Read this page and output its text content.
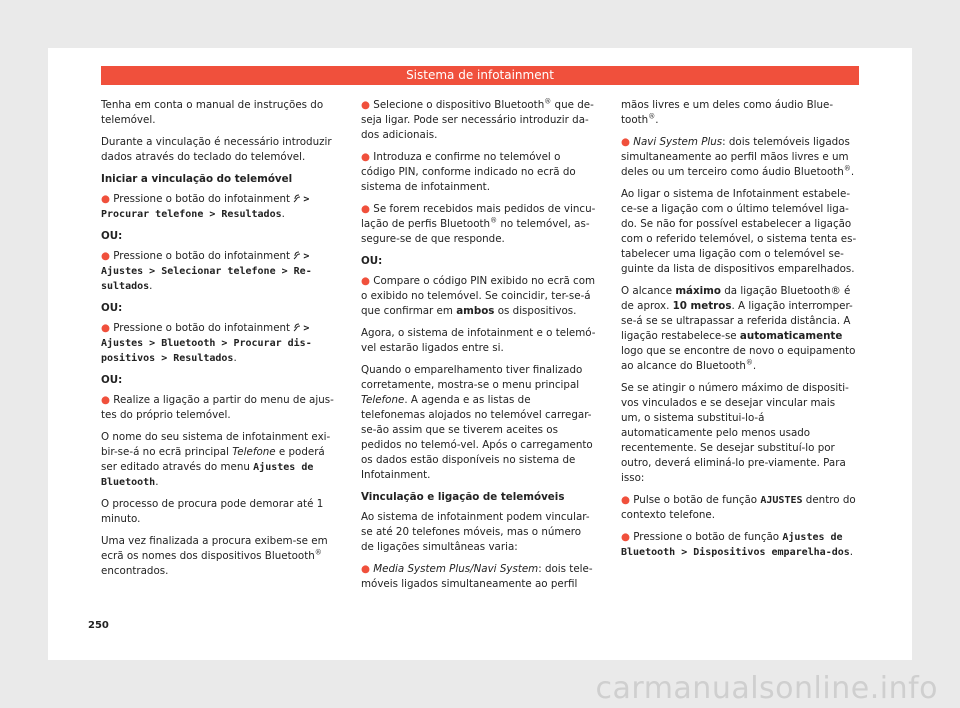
Sistema de infotainment

Tenha em conta o manual de instruções do telemóvel.

Durante a vinculação é necessário introduzir dados através do teclado do telemóvel.

Iniciar a vinculação do telemóvel

● Pressione o botão do infotainment > Procurar telefone > Resultados.

OU:

● Pressione o botão do infotainment > Ajustes > Selecionar telefone > Re-sultados.

OU:

● Pressione o botão do infotainment > Ajustes > Bluetooth > Procurar dis-positivos > Resultados.

OU:

● Realize a ligação a partir do menu de ajus-tes do próprio telemóvel.

O nome do seu sistema de infotainment exi-bir-se-á no ecrã principal Telefone e poderá ser editado através do menu Ajustes de Bluetooth.

O processo de procura pode demorar até 1 minuto.

Uma vez finalizada a procura exibem-se em ecrã os nomes dos dispositivos Bluetooth® encontrados.

● Selecione o dispositivo Bluetooth® que de-seja ligar. Pode ser necessário introduzir da-dos adicionais.

● Introduza e confirme no telemóvel o código PIN, conforme indicado no ecrã do sistema de infotainment.

● Se forem recebidos mais pedidos de vincu-lação de perfis Bluetooth® no telemóvel, as-segure-se de que responde.

OU:

● Compare o código PIN exibido no ecrã com o exibido no telemóvel. Se coincidir, ter-se-á que confirmar em ambos os dispositivos.

Agora, o sistema de infotainment e o telemó-vel estarão ligados entre si.

Quando o emparelhamento tiver finalizado corretamente, mostra-se o menu principal Telefone. A agenda e as listas de telefonemas alojados no telemóvel carregar-se-ão assim que se tiverem aceites os pedidos no telemó-vel. Após o carregamento os dados estão disponíveis no sistema de Infotainment.

Vinculação e ligação de telemóveis

Ao sistema de infotainment podem vincular-se até 20 telefones móveis, mas o número de ligações simultâneas varia:

● Media System Plus/Navi System: dois tele-móveis ligados simultaneamente ao perfil

mãos livres e um deles como áudio Blue-tooth®.

● Navi System Plus: dois telemóveis ligados simultaneamente ao perfil mãos livres e um deles ou um terceiro como áudio Bluetooth®.

Ao ligar o sistema de Infotainment estabele-ce-se a ligação com o último telemóvel liga-do. Se não for possível estabelecer a ligação com o referido telemóvel, o sistema tenta es-tabelecer uma ligação com o telemóvel se-guinte da lista de dispositivos emparelhados.

O alcance máximo da ligação Bluetooth® é de aprox. 10 metros. A ligação interromper-se-á se se ultrapassar a referida distância. A ligação restabelece-se automaticamente logo que se encontre de novo o equipamento ao alcance do Bluetooth®.

Se se atingir o número máximo de dispositi-vos vinculados e se desejar vincular mais um, o sistema substitui-lo-á automaticamente pelo menos usado recentemente. Se desejar substituí-lo por outro, deverá eliminá-lo pre-viamente. Para isso:

● Pulse o botão de função AJUSTES dentro do contexto telefone.

● Pressione o botão de função Ajustes de Bluetooth > Dispositivos emparelha-dos.

250
carmanualsonline.info
